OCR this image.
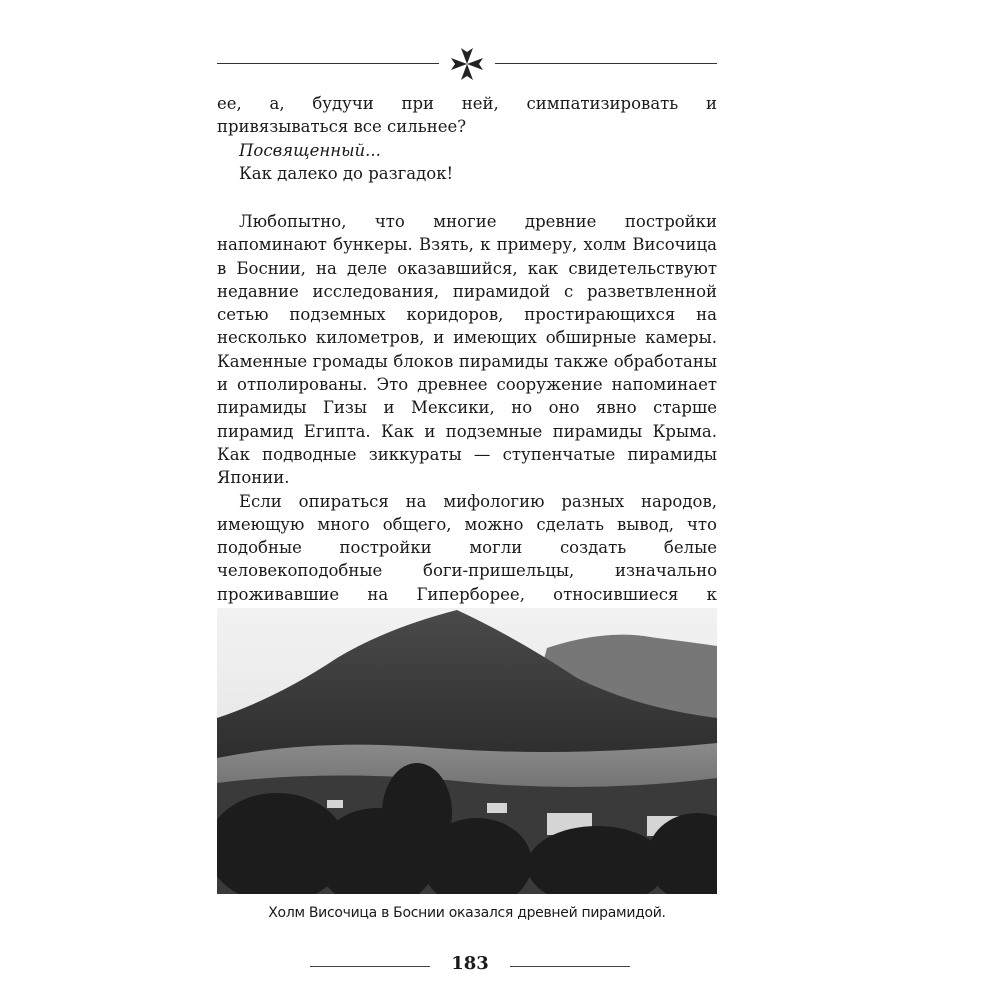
ее, а, будучи при ней, симпатизировать и привязываться все сильнее?

Посвященный...

Как далеко до разгадок!

Любопытно, что многие древние постройки напоминают бункеры. Взять, к примеру, холм Височица в Боснии, на деле оказавшийся, как свидетельствуют недавние исследования, пирамидой с разветвленной сетью подземных коридоров, простирающихся на несколько километров, и имеющих обширные камеры. Каменные громады блоков пирамиды также обработаны и отполированы. Это древнее сооружение напоминает пирамиды Гизы и Мексики, но оно явно старше пирамид Египта. Как и подземные пирамиды Крыма. Как подводные зиккураты — ступенчатые пирамиды Японии.

Если опираться на мифологию разных народов, имеющую много общего, можно сделать вывод, что подобные постройки могли создать белые человекоподобные боги-пришельцы, изначально проживавшие на Гиперборее, относившиеся к

Холм Височица в Боснии оказался древней пирамидой.
183
